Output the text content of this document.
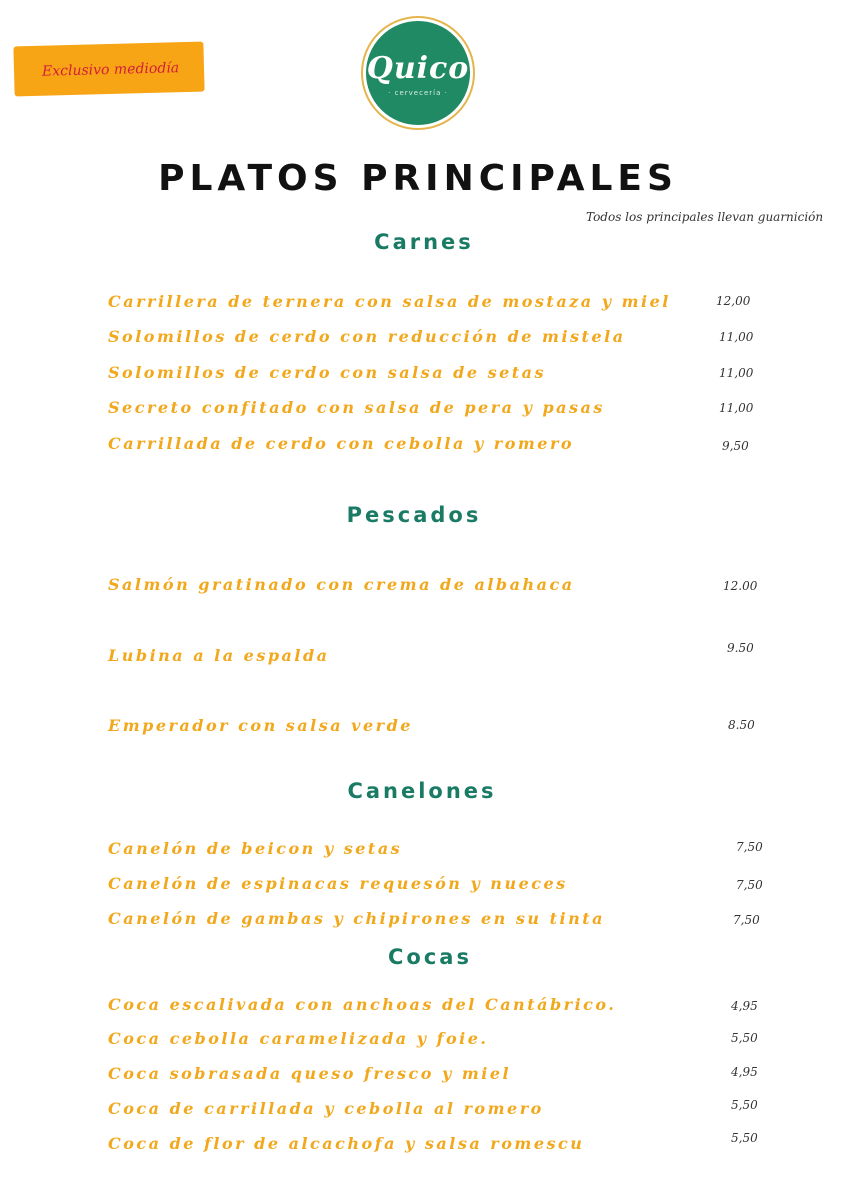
Exclusivo mediodía	Quico
· cervecería ·
PLATOS PRINCIPALES
Todos los principales llevan guarnición
Carnes
Carrillera de ternera con salsa de mostaza y miel	12,00
Solomillos de cerdo con reducción de mistela	11,00
Solomillos de cerdo con salsa de setas	11,00
Secreto confitado con salsa de pera y pasas	11,00
Carrillada de cerdo con cebolla y romero	9,50
Pescados
Salmón gratinado con crema de albahaca	12.00
Lubina a la espalda	9.50
Emperador con salsa verde	8.50
Canelones
Canelón de beicon y setas	7,50
Canelón de espinacas requesón y nueces	7,50
Canelón de gambas y chipirones en su tinta	7,50
Cocas
Coca escalivada con anchoas del Cantábrico.	4,95
Coca cebolla caramelizada y foie.	5,50
Coca sobrasada queso fresco y miel	4,95
Coca de carrillada y cebolla al romero	5,50
Coca de flor de alcachofa y salsa romescu	5,50
